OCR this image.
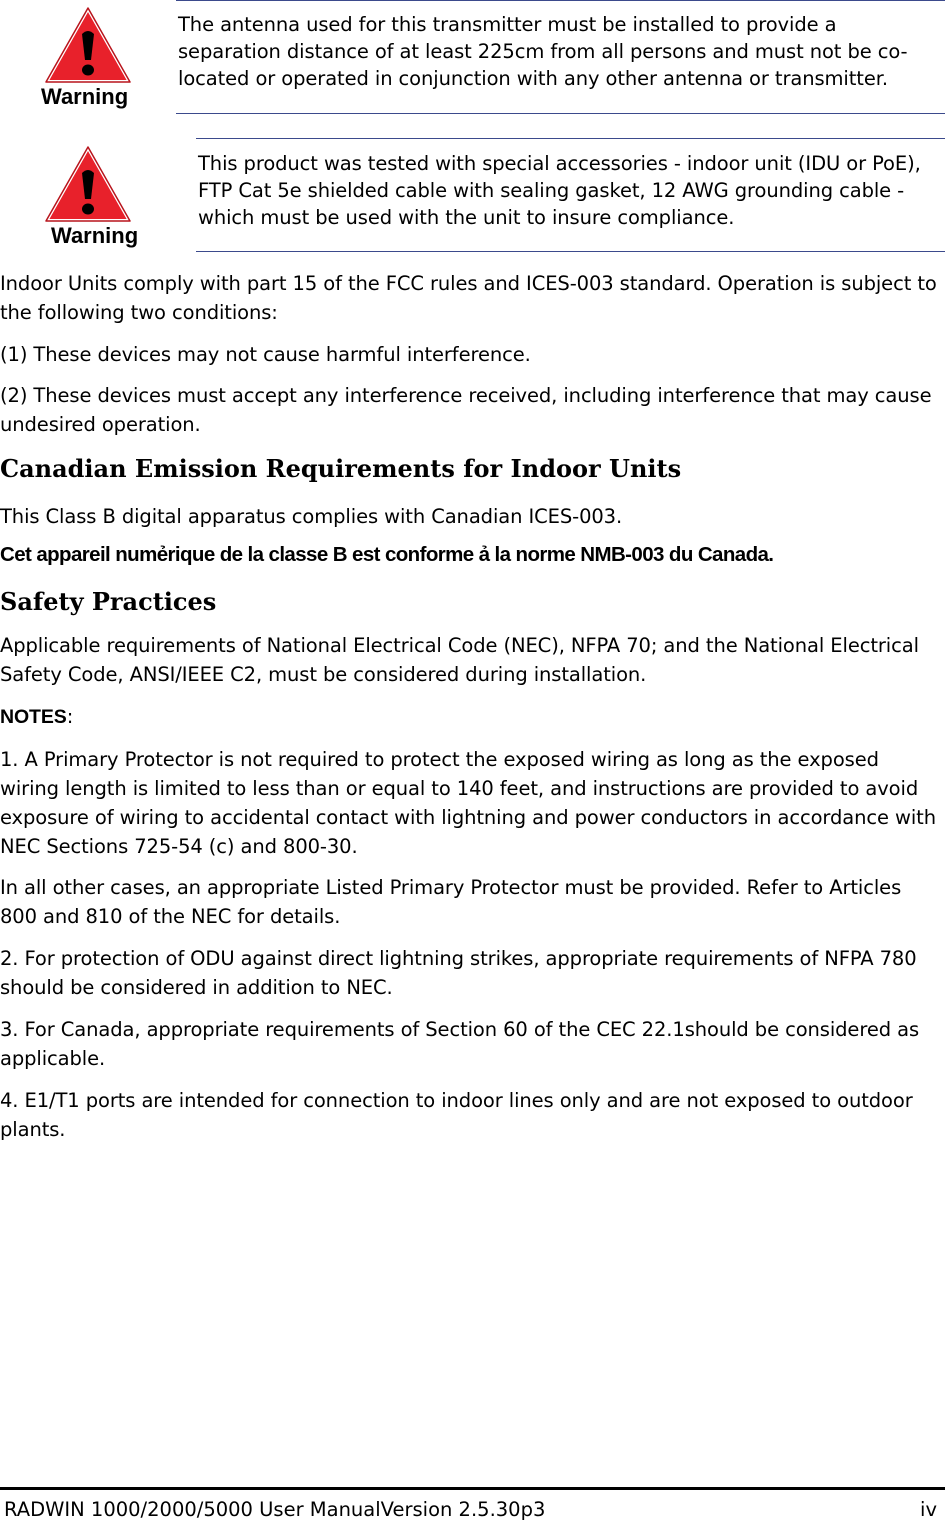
Warning
The antenna used for this transmitter must be installed to provide a separation distance of at least 225cm from all persons and must not be co-located or operated in conjunction with any other antenna or transmitter.
Warning
This product was tested with special accessories - indoor unit (IDU or PoE), FTP Cat 5e shielded cable with sealing gasket, 12 AWG grounding cable - which must be used with the unit to insure compliance.
Indoor Units comply with part 15 of the FCC rules and ICES-003 standard. Operation is subject to the following two conditions:
(1) These devices may not cause harmful interference.
(2) These devices must accept any interference received, including interference that may cause undesired operation.
Canadian Emission Requirements for Indoor Units
This Class B digital apparatus complies with Canadian ICES-003.
Cet appareil numẻrique de la classe B est conforme ả la norme NMB-003 du Canada.
Safety Practices
Applicable requirements of National Electrical Code (NEC), NFPA 70; and the National Electrical Safety Code, ANSI/IEEE C2, must be considered during installation.
NOTES:
1. A Primary Protector is not required to protect the exposed wiring as long as the exposed wiring length is limited to less than or equal to 140 feet, and instructions are provided to avoid exposure of wiring to accidental contact with lightning and power conductors in accordance with NEC Sections 725-54 (c) and 800-30.
In all other cases, an appropriate Listed Primary Protector must be provided. Refer to Articles 800 and 810 of the NEC for details.
2. For protection of ODU against direct lightning strikes, appropriate requirements of NFPA 780 should be considered in addition to NEC.
3. For Canada, appropriate requirements of Section 60 of the CEC 22.1should be considered as applicable.
4. E1/T1 ports are intended for connection to indoor lines only and are not exposed to outdoor plants.
RADWIN 1000/2000/5000 User ManualVersion 2.5.30p3	iv
